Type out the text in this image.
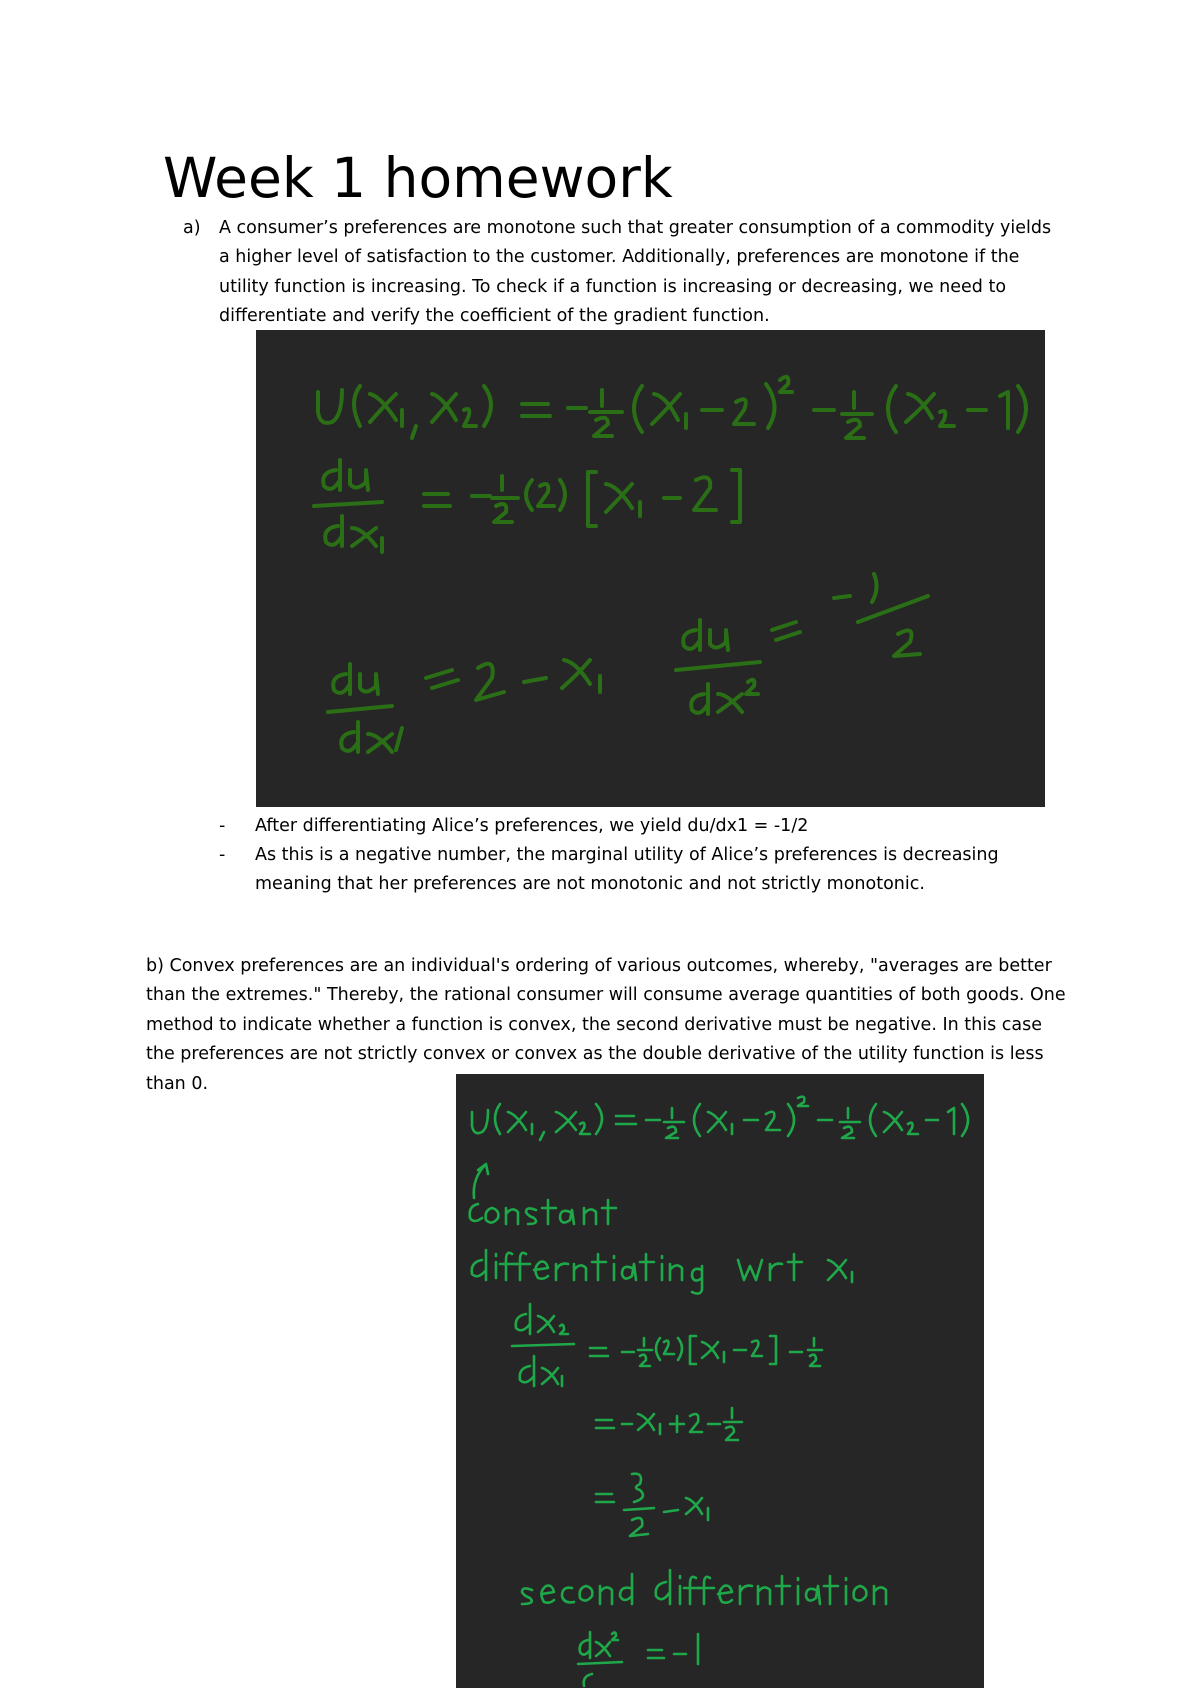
Week 1 homework
a) A consumer’s preferences are monotone such that greater consumption of a commodity yields a higher level of satisfaction to the customer. Additionally, preferences are monotone if the utility function is increasing. To check if a function is increasing or decreasing, we need to differentiate and verify the coefficient of the gradient function.

- After differentiating Alice’s preferences, we yield du/dx1 = -1/2

- As this is a negative number, the marginal utility of Alice’s preferences is decreasing meaning that her preferences are not monotonic and not strictly monotonic.

b) Convex preferences are an individual's ordering of various outcomes, whereby, "averages are better than the extremes." Thereby, the rational consumer will consume average quantities of both goods. One method to indicate whether a function is convex, the second derivative must be negative. In this case the preferences are not strictly convex or convex as the double derivative of the utility function is less than 0.
